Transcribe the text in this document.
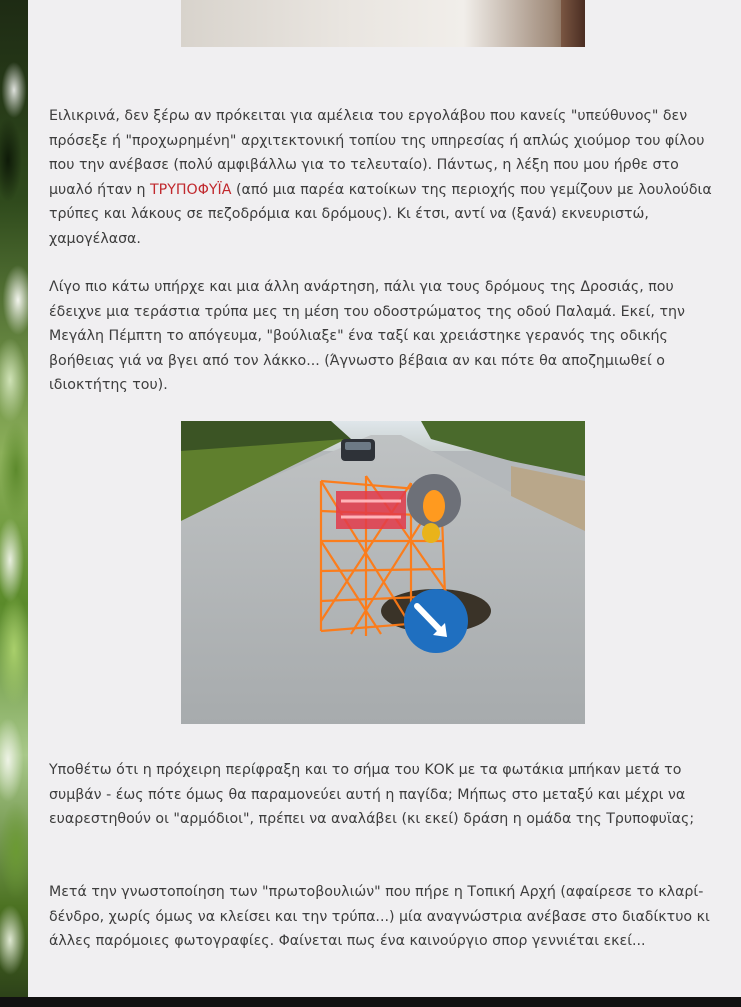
Ειλικρινά, δεν ξέρω αν πρόκειται για αμέλεια του εργολάβου που κανείς "υπεύθυνος" δεν πρόσεξε ή "προχωρημένη" αρχιτεκτονική τοπίου της υπηρεσίας ή απλώς χιούμορ του φίλου που την ανέβασε (πολύ αμφιβάλλω για το τελευταίο). Πάντως, η λέξη που μου ήρθε στο μυαλό ήταν η ΤΡΥΠΟΦΥΪΑ (από μια παρέα κατοίκων της περιοχής που γεμίζουν με λουλούδια τρύπες και λάκους σε πεζοδρόμια και δρόμους). Κι έτσι, αντί να (ξανά) εκνευριστώ, χαμογέλασα.

Λίγο πιο κάτω υπήρχε και μια άλλη ανάρτηση, πάλι για τους δρόμους της Δροσιάς, που έδειχνε μια τεράστια τρύπα μες τη μέση του οδοστρώματος της οδού Παλαμά. Εκεί, την Μεγάλη Πέμπτη το απόγευμα, "βούλιαξε" ένα ταξί και χρειάστηκε γερανός της οδικής βοήθειας γιά να βγει από τον λάκκο... (Άγνωστο βέβαια αν και πότε θα αποζημιωθεί ο ιδιοκτήτης του).

Υποθέτω ότι η πρόχειρη περίφραξη και το σήμα του ΚΟΚ με τα φωτάκια μπήκαν μετά το συμβάν - έως πότε όμως θα παραμονεύει αυτή η παγίδα; Μήπως στο μεταξύ και μέχρι να ευαρεστηθούν οι "αρμόδιοι", πρέπει να αναλάβει (κι εκεί) δράση η ομάδα της Τρυποφυϊας;

Μετά την γνωστοποίηση των "πρωτοβουλιών" που πήρε η Τοπική Αρχή (αφαίρεσε το κλαρί-δένδρο, χωρίς όμως να κλείσει και την τρύπα...) μία αναγνώστρια ανέβασε στο διαδίκτυο κι άλλες παρόμοιες φωτογραφίες. Φαίνεται πως ένα καινούργιο σπορ γεννιέται εκεί...
